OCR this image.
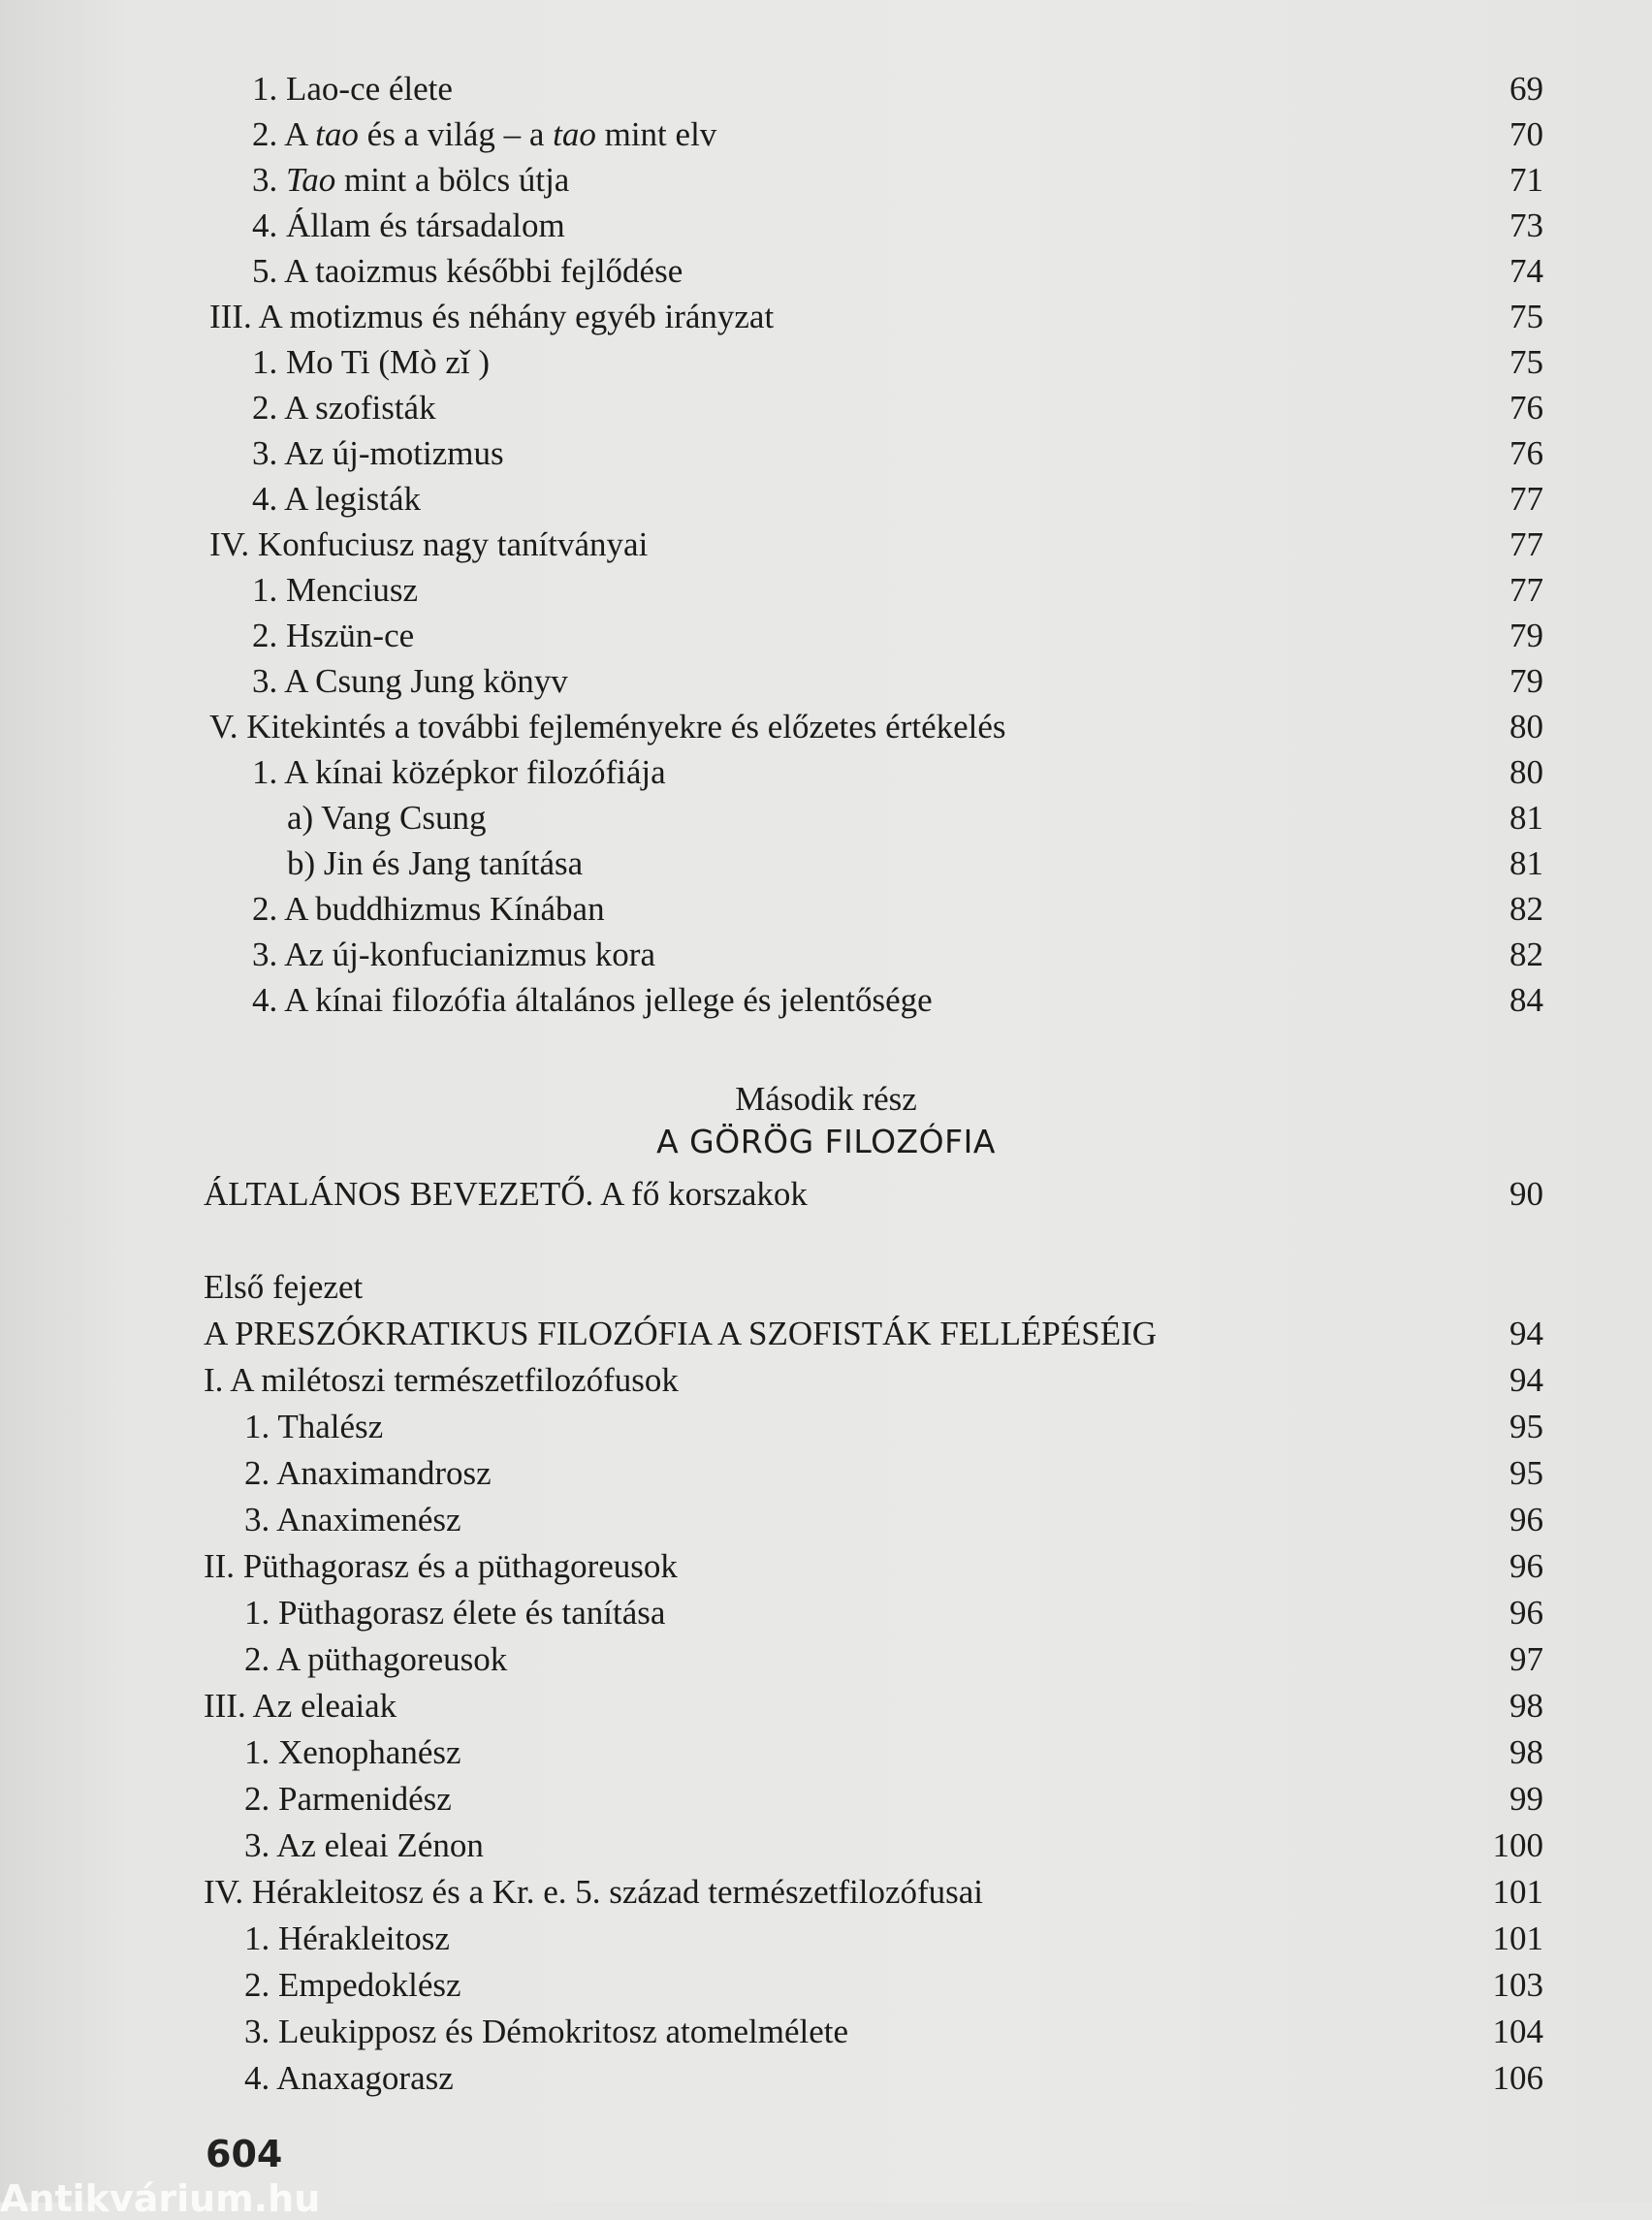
1. Lao-ce élete	69
2. A tao és a világ – a tao mint elv	70
3. Tao mint a bölcs útja	71
4. Állam és társadalom	73
5. A taoizmus későbbi fejlődése	74
III. A motizmus és néhány egyéb irányzat	75
1. Mo Ti (Mò zǐ )	75
2. A szofisták	76
3. Az új-motizmus	76
4. A legisták	77
IV. Konfuciusz nagy tanítványai	77
1. Menciusz	77
2. Hszün-ce	79
3. A Csung Jung könyv	79
V. Kitekintés a további fejleményekre és előzetes értékelés	80
1. A kínai középkor filozófiája	80
a) Vang Csung	81
b) Jin és Jang tanítása	81
2. A buddhizmus Kínában	82
3. Az új-konfucianizmus kora	82
4. A kínai filozófia általános jellege és jelentősége	84
Második rész
A GÖRÖG FILOZÓFIA
ÁLTALÁNOS BEVEZETŐ. A fő korszakok	90
Első fejezet
A PRESZÓKRATIKUS FILOZÓFIA A SZOFISTÁK FELLÉPÉSÉIG	94
I. A milétoszi természetfilozófusok	94
1. Thalész	95
2. Anaximandrosz	95
3. Anaximenész	96
II. Püthagorasz és a püthagoreusok	96
1. Püthagorasz élete és tanítása	96
2. A püthagoreusok	97
III. Az eleaiak	98
1. Xenophanész	98
2. Parmenidész	99
3. Az eleai Zénon	100
IV. Hérakleitosz és a Kr. e. 5. század természetfilozófusai	101
1. Hérakleitosz	101
2. Empedoklész	103
3. Leukipposz és Démokritosz atomelmélete	104
4. Anaxagorasz	106
604
Antikvárium.hu
